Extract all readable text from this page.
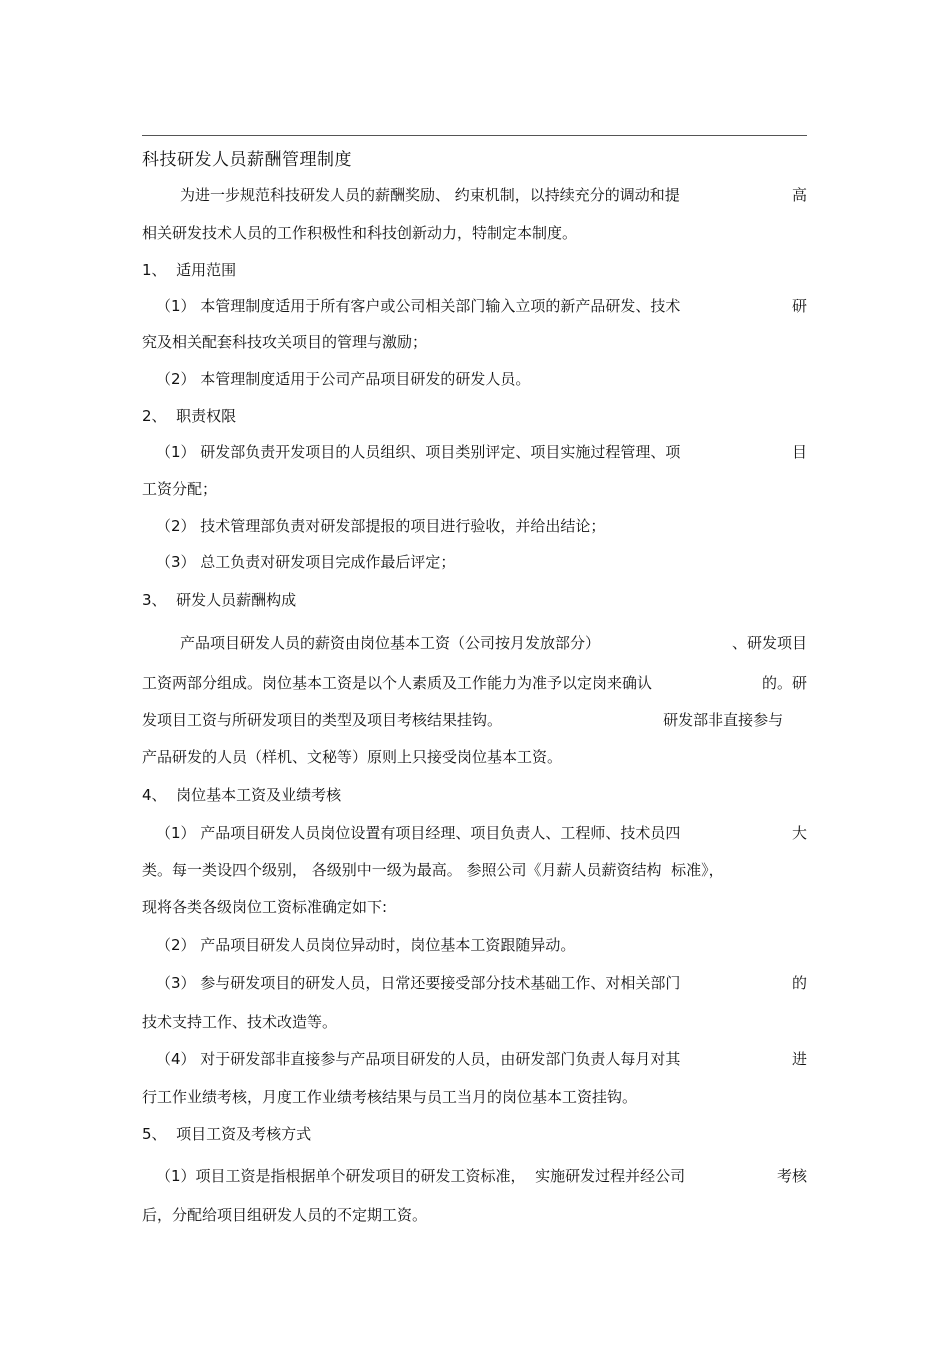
科技研发人员薪酬管理制度
为进一步规范科技研发人员的薪酬奖励、 约束机制，以持续充分的调动和提	高
相关研发技术人员的工作积极性和科技创新动力，特制定本制度。
1、  适用范围
（1） 本管理制度适用于所有客户或公司相关部门输入立项的新产品研发、技术	研
究及相关配套科技攻关项目的管理与激励；
（2） 本管理制度适用于公司产品项目研发的研发人员。
2、  职责权限
（1） 研发部负责开发项目的人员组织、项目类别评定、项目实施过程管理、项	目
工资分配；
（2） 技术管理部负责对研发部提报的项目进行验收，并给出结论；
（3） 总工负责对研发项目完成作最后评定；
3、  研发人员薪酬构成
产品项目研发人员的薪资由岗位基本工资（公司按月发放部分）	、研发项目
工资两部分组成。岗位基本工资是以个人素质及工作能力为准予以定岗来确认	的。研
发项目工资与所研发项目的类型及项目考核结果挂钩。	研发部非直接参与
产品研发的人员（样机、文秘等）原则上只接受岗位基本工资。
4、  岗位基本工资及业绩考核
（1） 产品项目研发人员岗位设置有项目经理、项目负责人、工程师、技术员四	大
类。每一类设四个级别， 各级别中一级为最高。 参照公司《月薪人员薪资结构  标准》，
现将各类各级岗位工资标准确定如下:
（2） 产品项目研发人员岗位异动时，岗位基本工资跟随异动。
（3） 参与研发项目的研发人员，日常还要接受部分技术基础工作、对相关部门	的
技术支持工作、技术改造等。
（4） 对于研发部非直接参与产品项目研发的人员，由研发部门负责人每月对其	进
行工作业绩考核，月度工作业绩考核结果与员工当月的岗位基本工资挂钩。
5、  项目工资及考核方式
（1）项目工资是指根据单个研发项目的研发工资标准，  实施研发过程并经公司	考核
后，分配给项目组研发人员的不定期工资。
